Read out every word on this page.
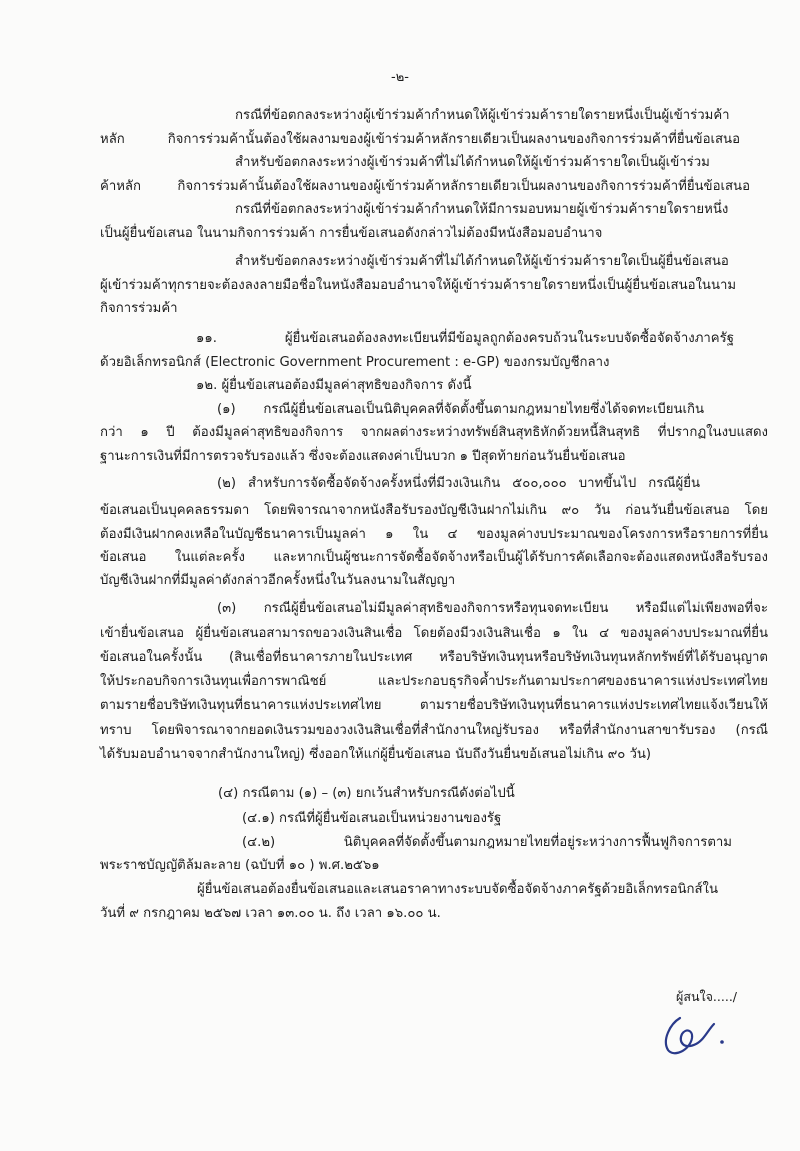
-๒-
กรณีที่ข้อตกลงระหว่างผู้เข้าร่วมค้ากำหนดให้ผู้เข้าร่วมค้ารายใดรายหนึ่งเป็นผู้เข้าร่วมค้า
หลัก กิจการร่วมค้านั้นต้องใช้ผลงามของผู้เข้าร่วมค้าหลักรายเดียวเป็นผลงานของกิจการร่วมค้าที่ยื่นข้อเสนอ
สำหรับข้อตกลงระหว่างผู้เข้าร่วมค้าที่ไม่ได้กำหนดให้ผู้เข้าร่วมค้ารายใดเป็นผู้เข้าร่วม
ค้าหลัก กิจการร่วมค้านั้นต้องใช้ผลงานของผู้เข้าร่วมค้าหลักรายเดียวเป็นผลงานของกิจการร่วมค้าที่ยื่นข้อเสนอ
กรณีที่ข้อตกลงระหว่างผู้เข้าร่วมค้ากำหนดให้มีการมอบหมายผู้เข้าร่วมค้ารายใดรายหนึ่ง
เป็นผู้ยื่นข้อเสนอ ในนามกิจการร่วมค้า การยื่นข้อเสนอดังกล่าวไม่ต้องมีหนังสือมอบอำนาจ
สำหรับข้อตกลงระหว่างผู้เข้าร่วมค้าที่ไม่ได้กำหนดให้ผู้เข้าร่วมค้ารายใดเป็นผู้ยื่นข้อเสนอ
ผู้เข้าร่วมค้าทุกรายจะต้องลงลายมือชื่อในหนังสือมอบอำนาจให้ผู้เข้าร่วมค้ารายใดรายหนึ่งเป็นผู้ยื่นข้อเสนอในนาม
กิจการร่วมค้า
๑๑. ผู้ยื่นข้อเสนอต้องลงทะเบียนที่มีข้อมูลถูกต้องครบถ้วนในระบบจัดซื้อจัดจ้างภาครัฐ
ด้วยอิเล็กทรอนิกส์ (Electronic Government Procurement : e-GP) ของกรมบัญชีกลาง
๑๒. ผู้ยื่นข้อเสนอต้องมีมูลค่าสุทธิของกิจการ ดังนี้
(๑) กรณีผู้ยื่นข้อเสนอเป็นนิติบุคคลที่จัดตั้งขึ้นตามกฎหมายไทยซึ่งได้จดทะเบียนเกิน
กว่า ๑ ปี ต้องมีมูลค่าสุทธิของกิจการ จากผลต่างระหว่างทรัพย์สินสุทธิหักด้วยหนี้สินสุทธิ ที่ปรากฏในงบแสดง
ฐานะการเงินที่มีการตรวจรับรองแล้ว ซึ่งจะต้องแสดงค่าเป็นบวก ๑ ปีสุดท้ายก่อนวันยื่นข้อเสนอ
(๒) สำหรับการจัดซื้อจัดจ้างครั้งหนึ่งที่มีวงเงินเกิน ๕๐๐,๐๐๐ บาทขึ้นไป กรณีผู้ยื่น
ข้อเสนอเป็นบุคคลธรรมดา โดยพิจารณาจากหนังสือรับรองบัญชีเงินฝากไม่เกิน ๙๐ วัน ก่อนวันยื่นข้อเสนอ โดย
ต้องมีเงินฝากคงเหลือในบัญชีธนาคารเป็นมูลค่า ๑ ใน ๔ ของมูลค่างบประมาณของโครงการหรือรายการที่ยื่น
ข้อเสนอ ในแต่ละครั้ง และหากเป็นผู้ชนะการจัดซื้อจัดจ้างหรือเป็นผู้ได้รับการคัดเลือกจะต้องแสดงหนังสือรับรอง
บัญชีเงินฝากที่มีมูลค่าดังกล่าวอีกครั้งหนึ่งในวันลงนามในสัญญา
(๓) กรณีผู้ยื่นข้อเสนอไม่มีมูลค่าสุทธิของกิจการหรือทุนจดทะเบียน หรือมีแต่ไม่เพียงพอที่จะ
เข้ายื่นข้อเสนอ ผู้ยื่นข้อเสนอสามารถขอวงเงินสินเชื่อ โดยต้องมีวงเงินสินเชื่อ ๑ ใน ๔ ของมูลค่างบประมาณที่ยื่น
ข้อเสนอในครั้งนั้น (สินเชื่อที่ธนาคารภายในประเทศ หรือบริษัทเงินทุนหรือบริษัทเงินทุนหลักทรัพย์ที่ได้รับอนุญาต
ให้ประกอบกิจการเงินทุนเพื่อการพาณิชย์ และประกอบธุรกิจค้ำประกันตามประกาศของธนาคารแห่งประเทศไทย
ตามรายชื่อบริษัทเงินทุนที่ธนาคารแห่งประเทศไทย ตามรายชื่อบริษัทเงินทุนที่ธนาคารแห่งประเทศไทยแจ้งเวียนให้
ทราบ โดยพิจารณาจากยอดเงินรวมของวงเงินสินเชื่อที่สำนักงานใหญ่รับรอง หรือที่สำนักงานสาขารับรอง (กรณี
ได้รับมอบอำนาจจากสำนักงานใหญ่) ซึ่งออกให้แก่ผู้ยื่นข้อเสนอ นับถึงวันยื่นขอ้เสนอไม่เกิน ๙๐ วัน)
(๔) กรณีตาม (๑) – (๓) ยกเว้นสำหรับกรณีดังต่อไปนี้
(๔.๑) กรณีที่ผู้ยื่นข้อเสนอเป็นหน่วยงานของรัฐ
(๔.๒) นิติบุคคลที่จัดตั้งขึ้นตามกฎหมายไทยที่อยู่ระหว่างการฟื้นฟูกิจการตาม
พระราชบัญญัติล้มละลาย (ฉบับที่ ๑๐ ) พ.ศ.๒๕๖๑
ผู้ยื่นข้อเสนอต้องยื่นข้อเสนอและเสนอราคาทางระบบจัดซื้อจัดจ้างภาครัฐด้วยอิเล็กทรอนิกส์ใน
วันที่ ๙ กรกฎาคม ๒๕๖๗ เวลา ๑๓.๐๐ น. ถึง เวลา ๑๖.๐๐ น.
ผู้สนใจ...../
